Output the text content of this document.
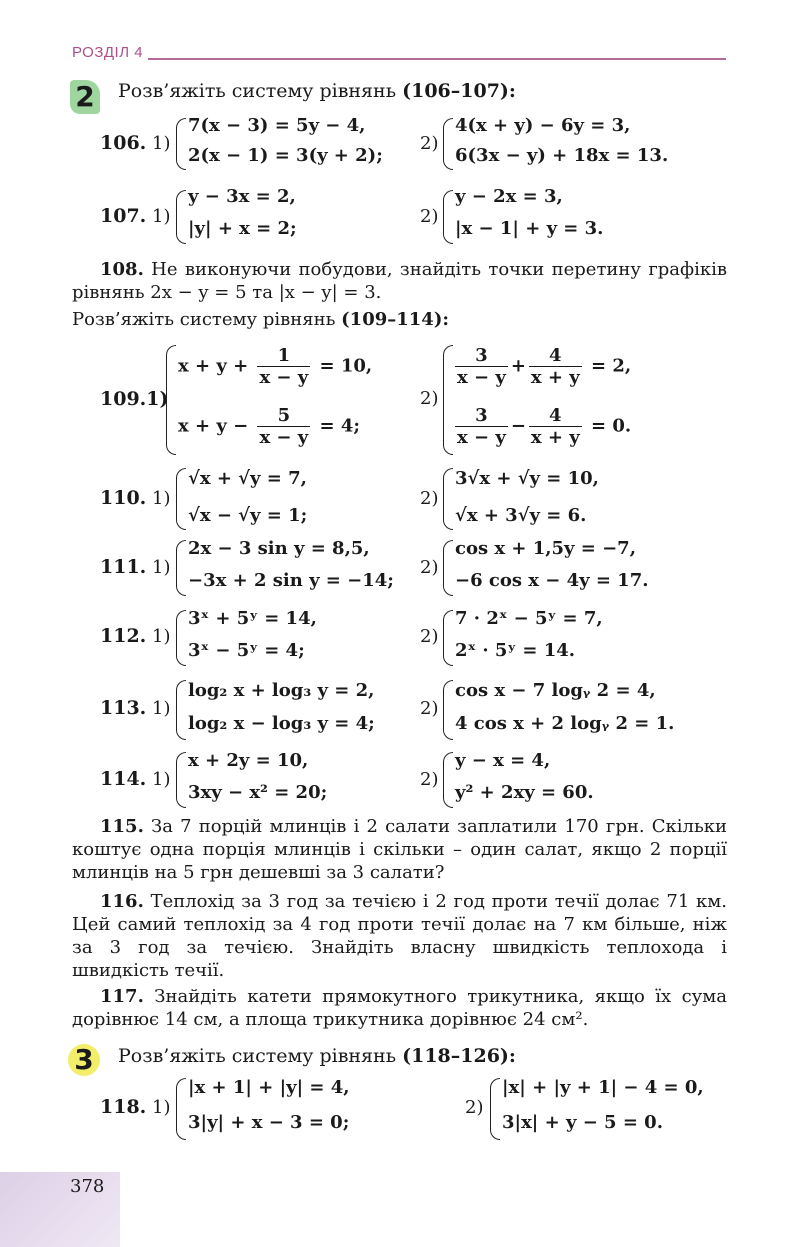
РОЗДІЛ 4
2 Розв’яжіть систему рівнянь (106–107):
106. 1)
7(x − 3) = 5y − 4,
2(x − 1) = 3(y + 2);
2)
4(x + y) − 6y = 3,
6(3x − y) + 18x = 13.
107. 1)
y − 3x = 2,
|y| + x = 2;
2)
y − 2x = 3,
|x − 1| + y = 3.
108. Не виконуючи побудови, знайдіть точки перетину графіків рівнянь 2x − y = 5 та |x − y| = 3.
Розв’яжіть систему рівнянь (109–114):
109.1)
$x + y + \frac{1}{x - y} = 10$,
$x + y - \frac{5}{x - y} = 4$;
2)
$\frac{3}{x - y} + \frac{4}{x + y} = 2$,
$\frac{3}{x - y} - \frac{4}{x + y} = 0$.
110. 1)
√x + √y = 7,
√x − √y = 1;
2)
3√x + √y = 10,
√x + 3√y = 6.
111. 1)
2x − 3 sin y = 8,5,
−3x + 2 sin y = −14;
2)
cos x + 1,5y = −7,
−6 cos x − 4y = 17.
112. 1)
3ˣ + 5ʸ = 14,
3ˣ − 5ʸ = 4;
2)
7 · 2ˣ − 5ʸ = 7,
2ˣ · 5ʸ = 14.
113. 1)
log₂ x + log₃ y = 2,
log₂ x − log₃ y = 4;
2)
cos x − 7 logᵧ 2 = 4,
4 cos x + 2 logᵧ 2 = 1.
114. 1)
x + 2y = 10,
3xy − x² = 20;
2)
y − x = 4,
y² + 2xy = 60.
115. За 7 порцій млинців і 2 салати заплатили 170 грн. Скільки коштує одна порція млинців і скільки – один салат, якщо 2 порції млинців на 5 грн дешевші за 3 салати?
116. Теплохід за 3 год за течією і 2 год проти течії долає 71 км. Цей самий теплохід за 4 год проти течії долає на 7 км більше, ніж за 3 год за течією. Знайдіть власну швидкість теплохода і швидкість течії.
117. Знайдіть катети прямокутного трикутника, якщо їх сума дорівнює 14 см, а площа трикутника дорівнює 24 см².
3	Розв’яжіть систему рівнянь (118–126):
118. 1)
|x + 1| + |y| = 4,
3|y| + x − 3 = 0;
2)
|x| + |y + 1| − 4 = 0,
3|x| + y − 5 = 0.
378
